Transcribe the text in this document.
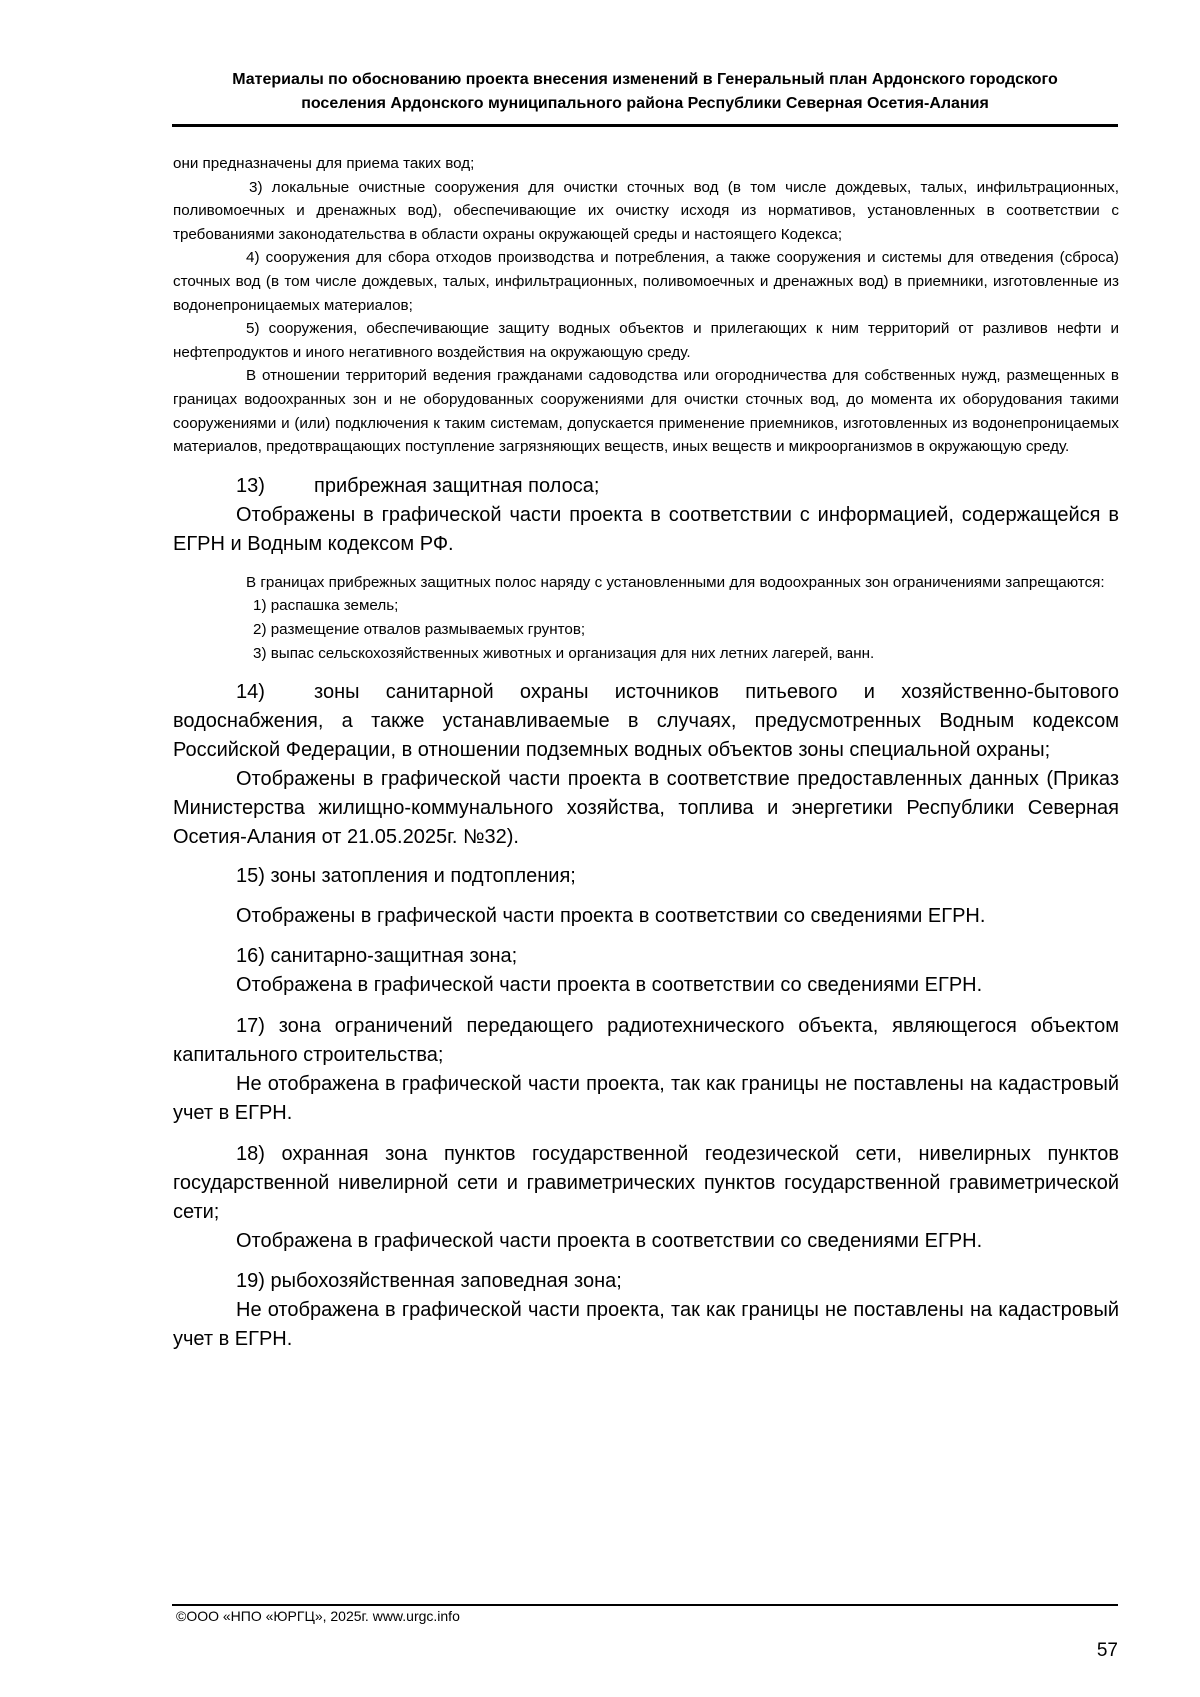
Материалы по обоснованию проекта внесения изменений в Генеральный план Ардонского городского
поселения Ардонского муниципального района Республики Северная Осетия-Алания

они предназначены для приема таких вод;

3) локальные очистные сооружения для очистки сточных вод (в том числе дождевых, талых, инфильтрационных, поливомоечных и дренажных вод), обеспечивающие их очистку исходя из нормативов, установленных в соответствии с требованиями законодательства в области охраны окружающей среды и настоящего Кодекса;

4) сооружения для сбора отходов производства и потребления, а также сооружения и системы для отведения (сброса) сточных вод (в том числе дождевых, талых, инфильтрационных, поливомоечных и дренажных вод) в приемники, изготовленные из водонепроницаемых материалов;

5) сооружения, обеспечивающие защиту водных объектов и прилегающих к ним территорий от разливов нефти и нефтепродуктов и иного негативного воздействия на окружающую среду.

В отношении территорий ведения гражданами садоводства или огородничества для собственных нужд, размещенных в границах водоохранных зон и не оборудованных сооружениями для очистки сточных вод, до момента их оборудования такими сооружениями и (или) подключения к таким системам, допускается применение приемников, изготовленных из водонепроницаемых материалов, предотвращающих поступление загрязняющих веществ, иных веществ и микроорганизмов в окружающую среду.

13) прибрежная защитная полоса;

Отображены в графической части проекта в соответствии с информацией, содержащейся в ЕГРН и Водным кодексом РФ.

В границах прибрежных защитных полос наряду с установленными для водоохранных зон ограничениями запрещаются:

1) распашка земель;

2) размещение отвалов размываемых грунтов;

3) выпас сельскохозяйственных животных и организация для них летних лагерей, ванн.

14) зоны санитарной охраны источников питьевого и хозяйственно-бытового водоснабжения, а также устанавливаемые в случаях, предусмотренных Водным кодексом Российской Федерации, в отношении подземных водных объектов зоны специальной охраны;

Отображены в графической части проекта в соответствие предоставленных данных (Приказ Министерства жилищно-коммунального хозяйства, топлива и энергетики Республики Северная Осетия-Алания от 21.05.2025г. №32).

15) зоны затопления и подтопления;

Отображены в графической части проекта в соответствии со сведениями ЕГРН.

16) санитарно-защитная зона;

Отображена в графической части проекта в соответствии со сведениями ЕГРН.

17) зона ограничений передающего радиотехнического объекта, являющегося объектом капитального строительства;

Не отображена в графической части проекта, так как границы не поставлены на кадастровый учет в ЕГРН.

18) охранная зона пунктов государственной геодезической сети, нивелирных пунктов государственной нивелирной сети и гравиметрических пунктов государственной гравиметрической сети;

Отображена в графической части проекта в соответствии со сведениями ЕГРН.

19) рыбохозяйственная заповедная зона;

Не отображена в графической части проекта, так как границы не поставлены на кадастровый учет в ЕГРН.

©ООО «НПО «ЮРГЦ», 2025г. www.urgc.info
57
